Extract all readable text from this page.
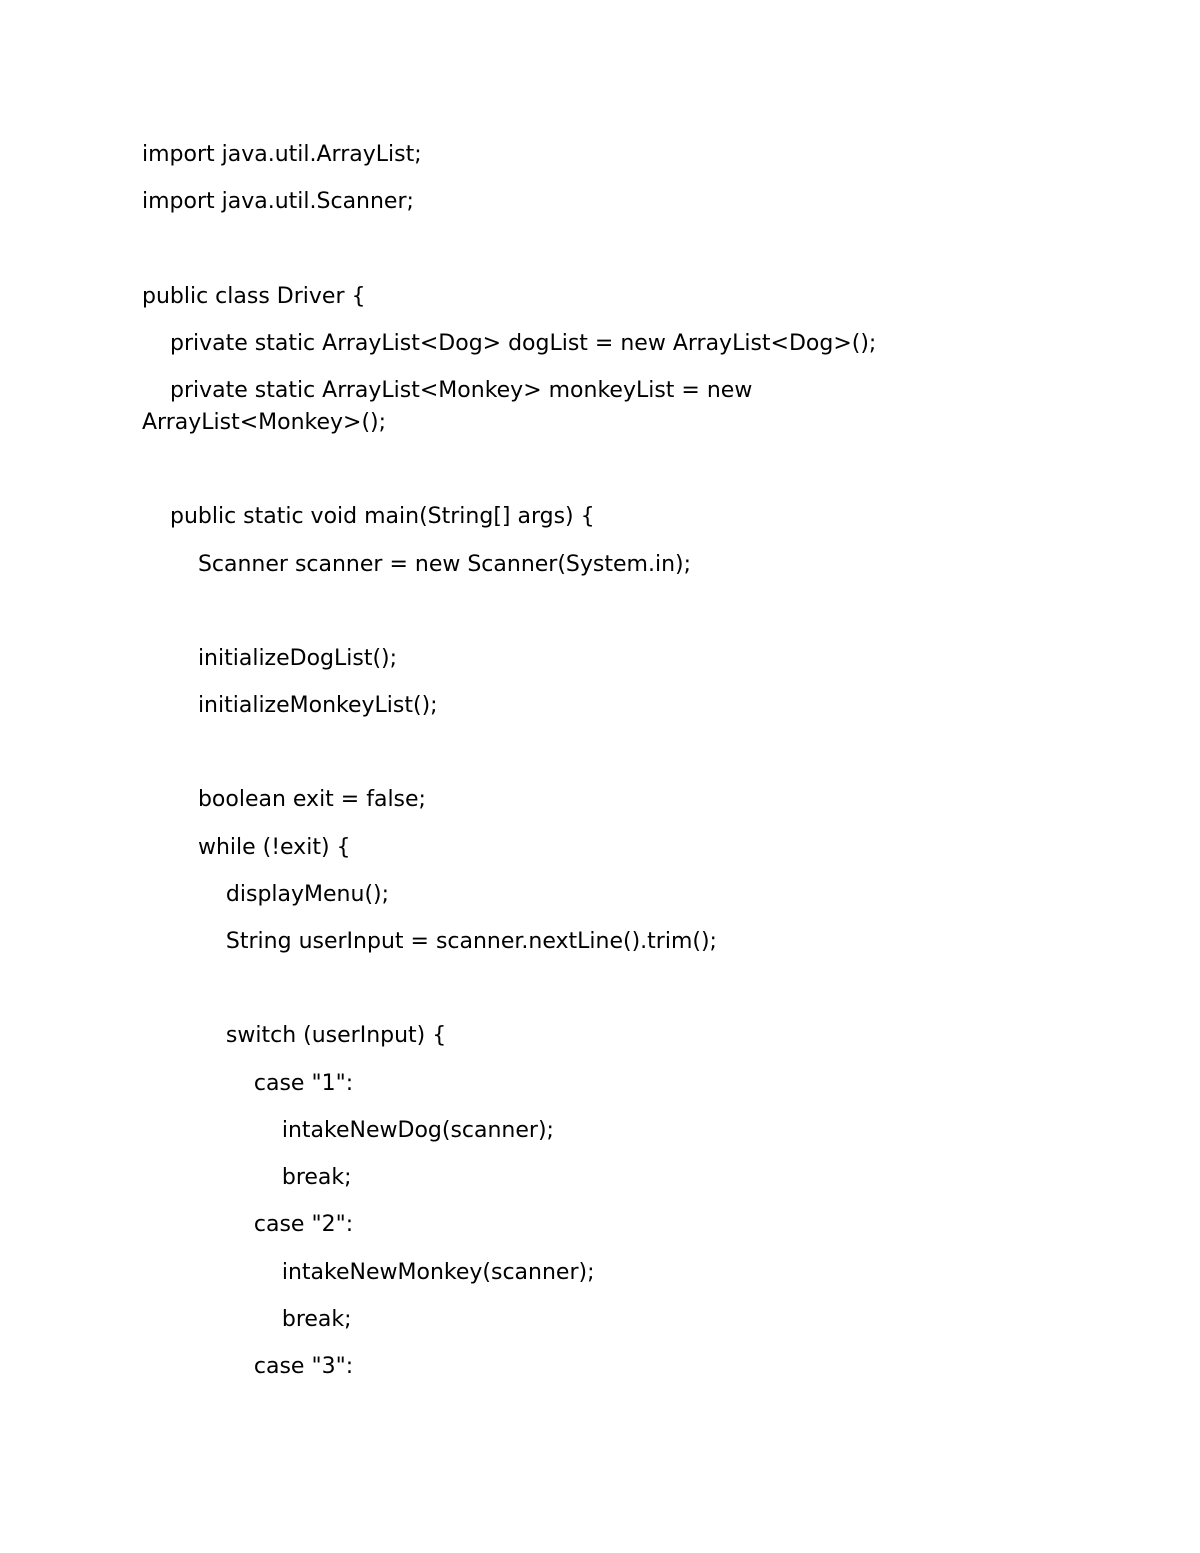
import java.util.ArrayList;

import java.util.Scanner;

public class Driver {

private static ArrayList<Dog> dogList = new ArrayList<Dog>();

private static ArrayList<Monkey> monkeyList = new ArrayList<Monkey>();

public static void main(String[] args) {

Scanner scanner = new Scanner(System.in);

initializeDogList();

initializeMonkeyList();

boolean exit = false;

while (!exit) {

displayMenu();

String userInput = scanner.nextLine().trim();

switch (userInput) {

case "1":

intakeNewDog(scanner);

break;

case "2":

intakeNewMonkey(scanner);

break;

case "3":
